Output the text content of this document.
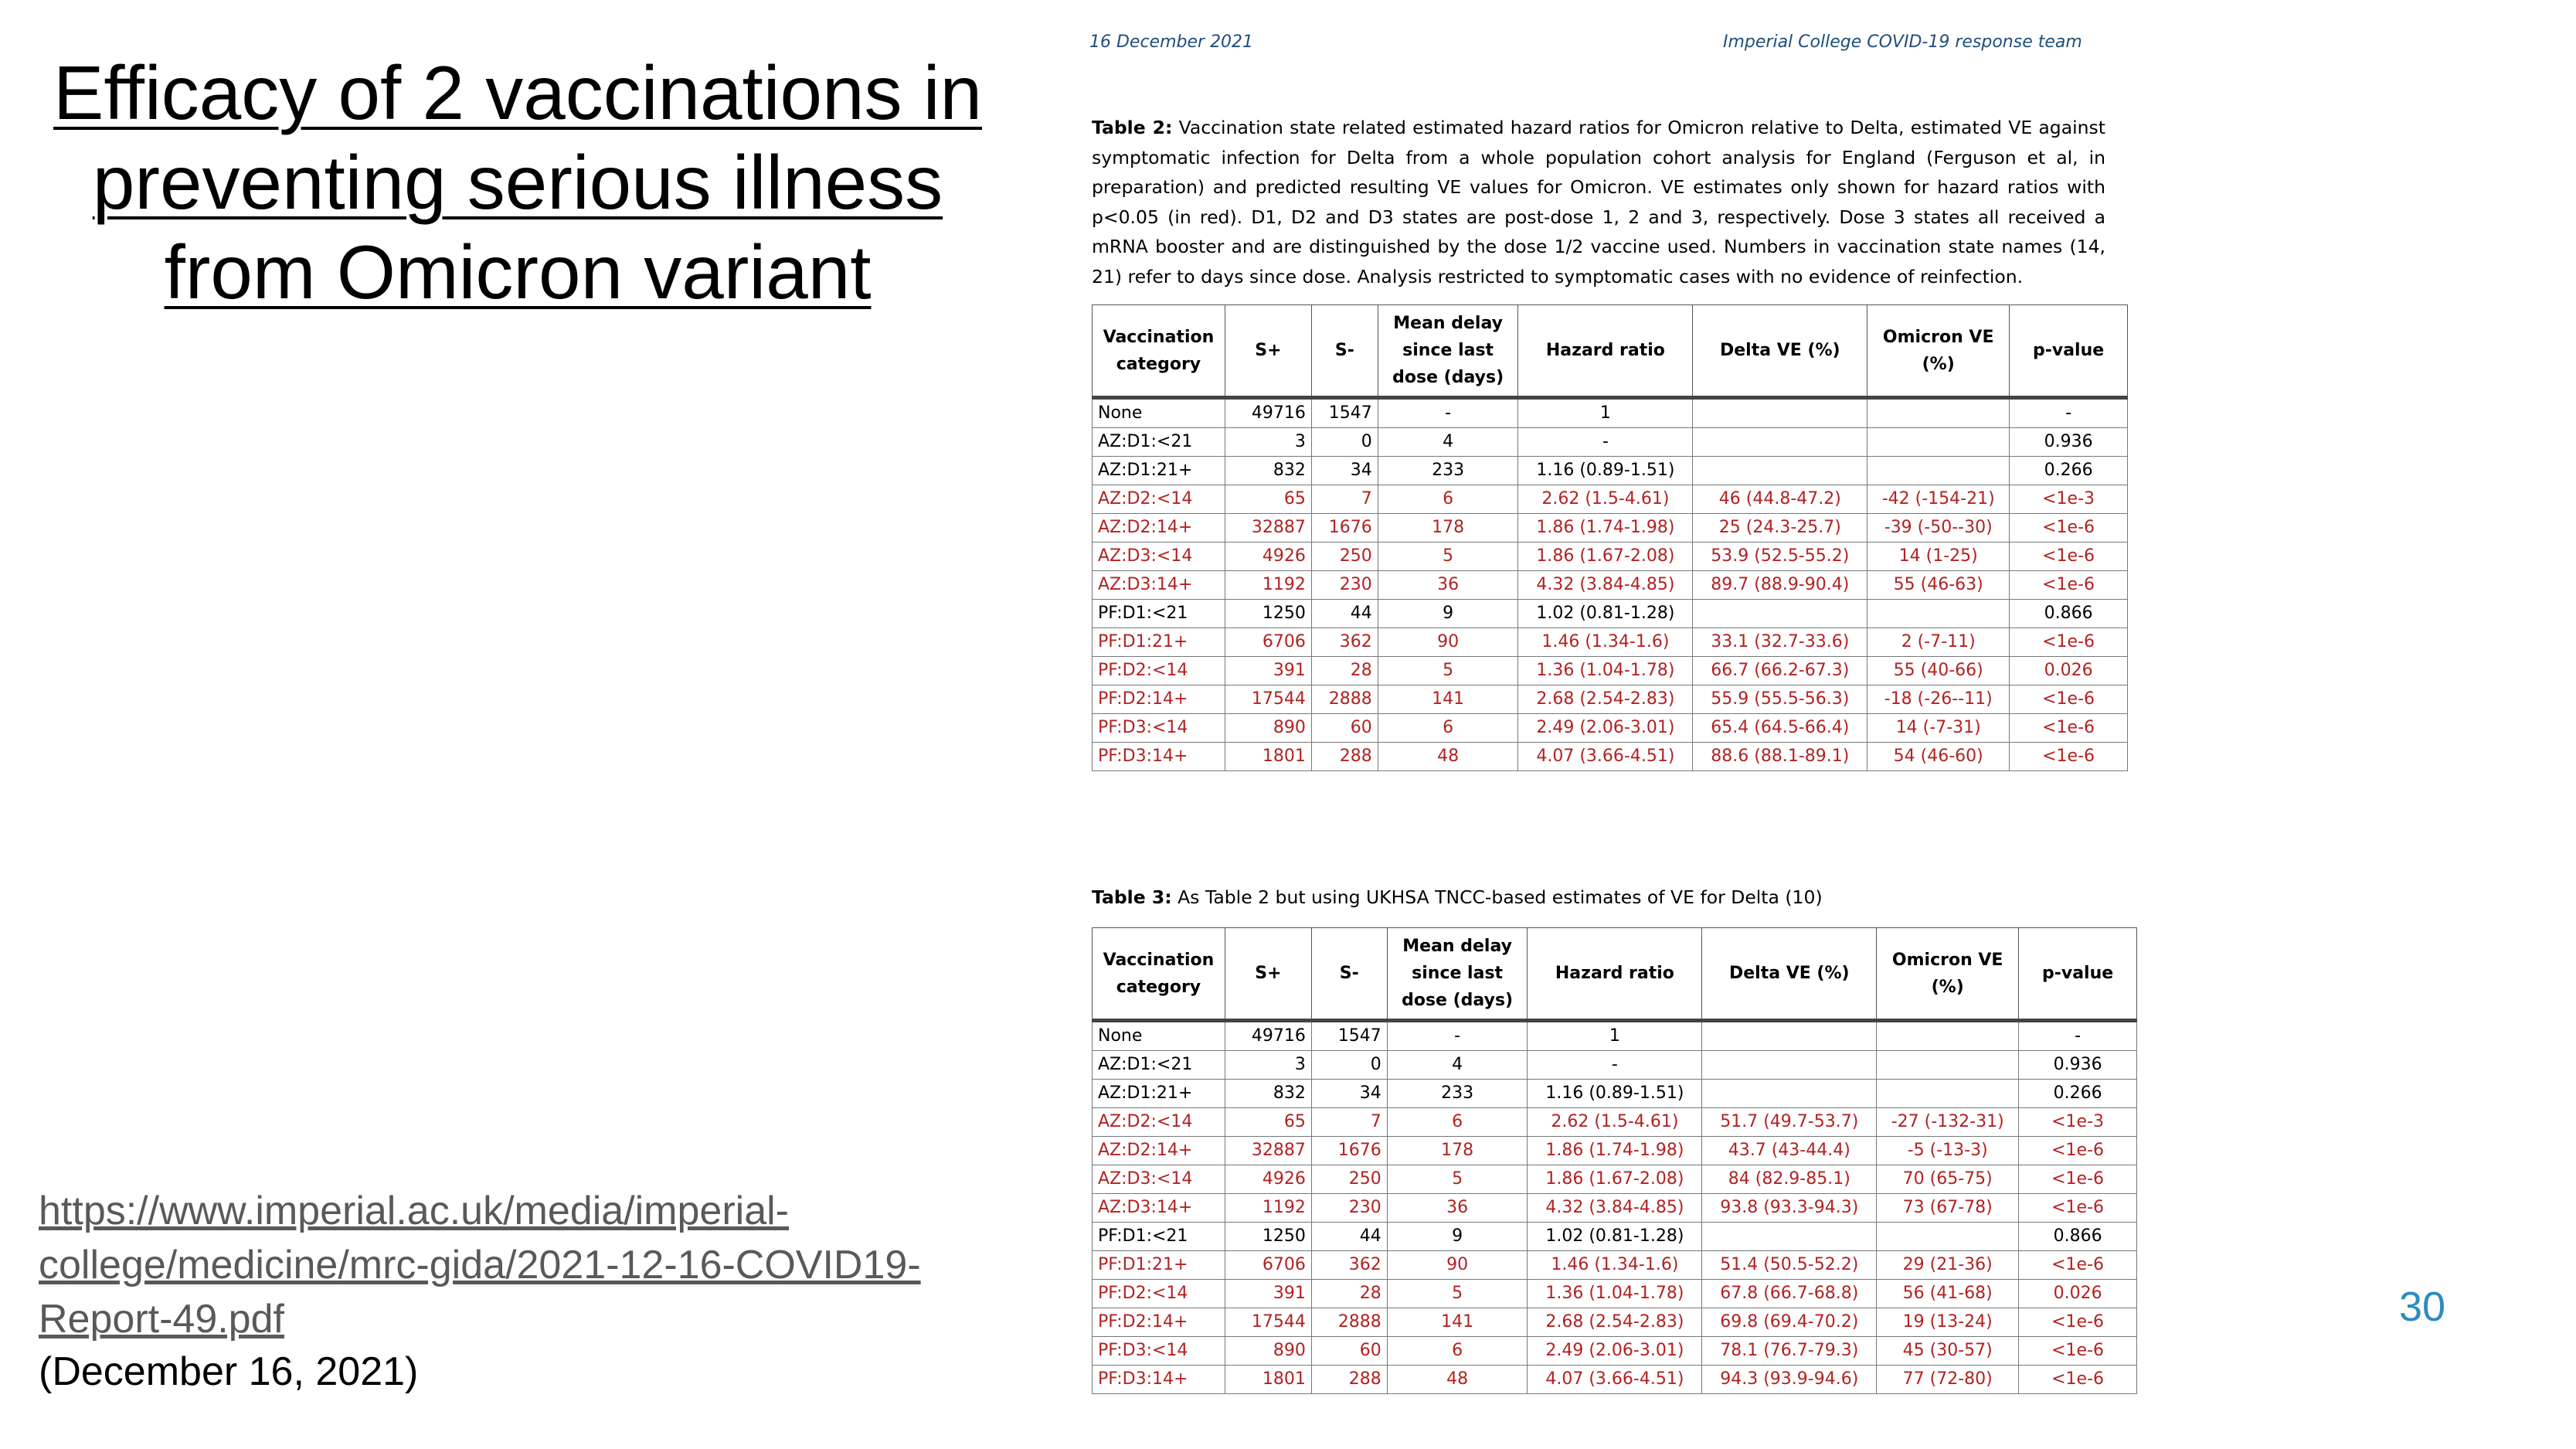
Efficacy of 2 vaccinations in preventing serious illness from Omicron variant
16 December 2021	Imperial College COVID-19 response team
Table 2: Vaccination state related estimated hazard ratios for Omicron relative to Delta, estimated VE against symptomatic infection for Delta from a whole population cohort analysis for England (Ferguson et al, in preparation) and predicted resulting VE values for Omicron. VE estimates only shown for hazard ratios with p<0.05 (in red). D1, D2 and D3 states are post-dose 1, 2 and 3, respectively. Dose 3 states all received a mRNA booster and are distinguished by the dose 1/2 vaccine used. Numbers in vaccination state names (14, 21) refer to days since dose. Analysis restricted to symptomatic cases with no evidence of reinfection.
Vaccination category	S+	S-	Mean delay since last dose (days)	Hazard ratio	Delta VE (%)	Omicron VE (%)	p-value
None	49716	1547	-	1			-
AZ:D1:<21	3	0	4	-			0.936
AZ:D1:21+	832	34	233	1.16 (0.89-1.51)			0.266
AZ:D2:<14	65	7	6	2.62 (1.5-4.61)	46 (44.8-47.2)	-42 (-154-21)	<1e-3
AZ:D2:14+	32887	1676	178	1.86 (1.74-1.98)	25 (24.3-25.7)	-39 (-50--30)	<1e-6
AZ:D3:<14	4926	250	5	1.86 (1.67-2.08)	53.9 (52.5-55.2)	14 (1-25)	<1e-6
AZ:D3:14+	1192	230	36	4.32 (3.84-4.85)	89.7 (88.9-90.4)	55 (46-63)	<1e-6
PF:D1:<21	1250	44	9	1.02 (0.81-1.28)			0.866
PF:D1:21+	6706	362	90	1.46 (1.34-1.6)	33.1 (32.7-33.6)	2 (-7-11)	<1e-6
PF:D2:<14	391	28	5	1.36 (1.04-1.78)	66.7 (66.2-67.3)	55 (40-66)	0.026
PF:D2:14+	17544	2888	141	2.68 (2.54-2.83)	55.9 (55.5-56.3)	-18 (-26--11)	<1e-6
PF:D3:<14	890	60	6	2.49 (2.06-3.01)	65.4 (64.5-66.4)	14 (-7-31)	<1e-6
PF:D3:14+	1801	288	48	4.07 (3.66-4.51)	88.6 (88.1-89.1)	54 (46-60)	<1e-6
Table 3: As Table 2 but using UKHSA TNCC-based estimates of VE for Delta (10)
Vaccination category	S+	S-	Mean delay since last dose (days)	Hazard ratio	Delta VE (%)	Omicron VE (%)	p-value
None	49716	1547	-	1			-
AZ:D1:<21	3	0	4	-			0.936
AZ:D1:21+	832	34	233	1.16 (0.89-1.51)			0.266
AZ:D2:<14	65	7	6	2.62 (1.5-4.61)	51.7 (49.7-53.7)	-27 (-132-31)	<1e-3
AZ:D2:14+	32887	1676	178	1.86 (1.74-1.98)	43.7 (43-44.4)	-5 (-13-3)	<1e-6
AZ:D3:<14	4926	250	5	1.86 (1.67-2.08)	84 (82.9-85.1)	70 (65-75)	<1e-6
AZ:D3:14+	1192	230	36	4.32 (3.84-4.85)	93.8 (93.3-94.3)	73 (67-78)	<1e-6
PF:D1:<21	1250	44	9	1.02 (0.81-1.28)			0.866
PF:D1:21+	6706	362	90	1.46 (1.34-1.6)	51.4 (50.5-52.2)	29 (21-36)	<1e-6
PF:D2:<14	391	28	5	1.36 (1.04-1.78)	67.8 (66.7-68.8)	56 (41-68)	0.026
PF:D2:14+	17544	2888	141	2.68 (2.54-2.83)	69.8 (69.4-70.2)	19 (13-24)	<1e-6
PF:D3:<14	890	60	6	2.49 (2.06-3.01)	78.1 (76.7-79.3)	45 (30-57)	<1e-6
PF:D3:14+	1801	288	48	4.07 (3.66-4.51)	94.3 (93.9-94.6)	77 (72-80)	<1e-6
https://www.imperial.ac.uk/media/imperial-college/medicine/mrc-gida/2021-12-16-COVID19-Report-49.pdf
(December 16, 2021)
30
